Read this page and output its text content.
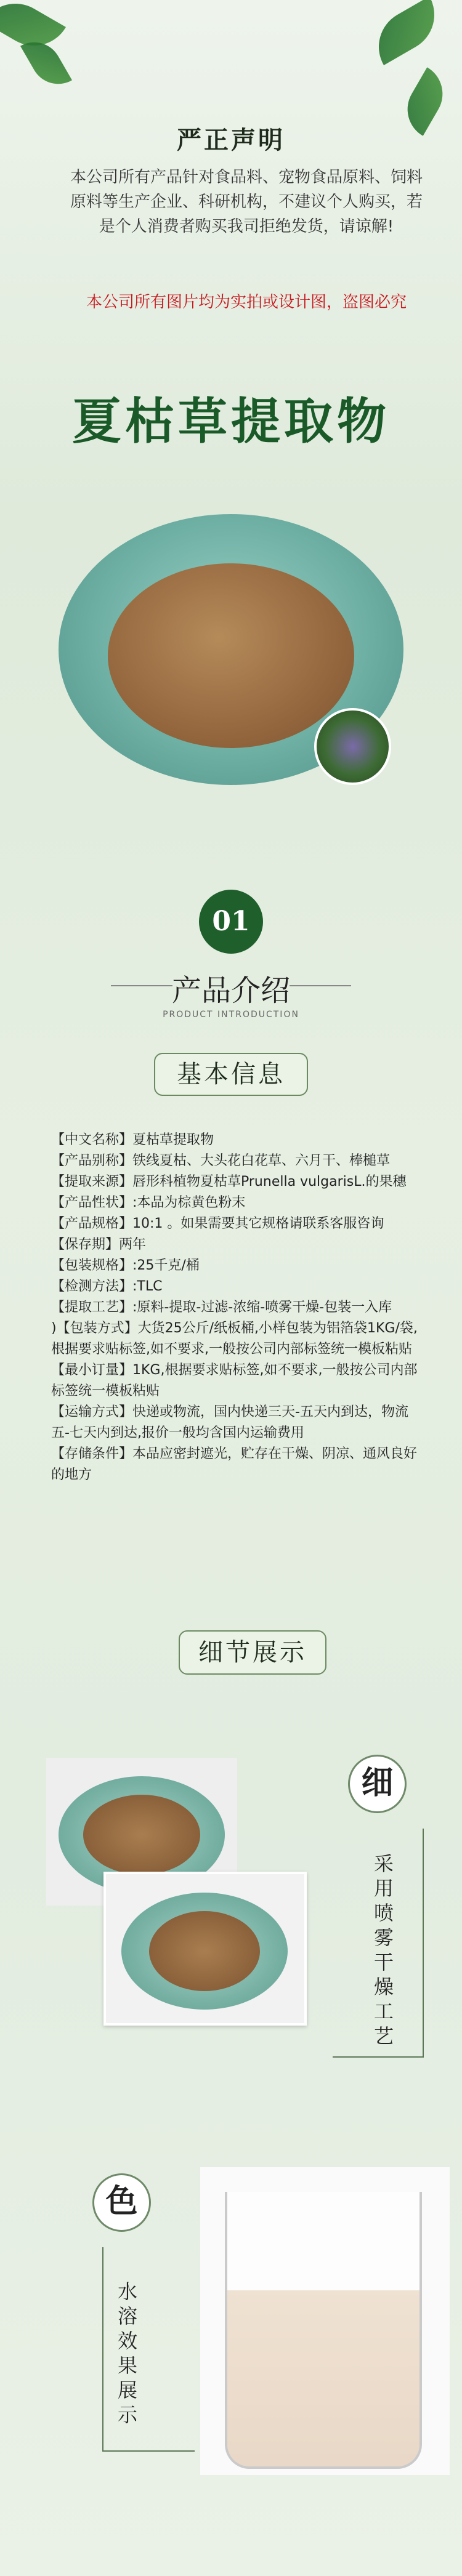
严正声明
本公司所有产品针对食品料、宠物食品原料、饲料原料等生产企业、科研机构，不建议个人购买，若是个人消费者购买我司拒绝发货，请谅解!
本公司所有图片均为实拍或设计图，盗图必究
夏枯草提取物
01
产品介绍
PRODUCT INTRODUCTION
基本信息

【中文名称】夏枯草提取物

【产品别称】铁线夏枯、大头花白花草、六月干、棒槌草

【提取来源】唇形科植物夏枯草Prunella vulgarisL.的果穗

【产品性状】:本品为棕黄色粉末

【产品规格】10:1 。如果需要其它规格请联系客服咨询

【保存期】两年

【包装规格】:25千克/桶

【检测方法】:TLC

【提取工艺】:原料-提取-过滤-浓缩-喷雾干燥-包装一入库

)【包装方式】大货25公斤/纸板桶,小样包装为铝箔袋1KG/袋,根据要求贴标签,如不要求,一般按公司内部标签统一模板粘贴

【最小订量】1KG,根据要求贴标签,如不要求,一般按公司内部标签统一模板粘贴

【运输方式】快递或物流，国内快递三天-五天内到达，物流五-七天内到达,报价一般均含国内运输费用

【存储条件】本品应密封遮光，贮存在干燥、阴凉、通风良好的地方

细节展示
细
采用喷雾干燥工艺
色
水溶效果展示
